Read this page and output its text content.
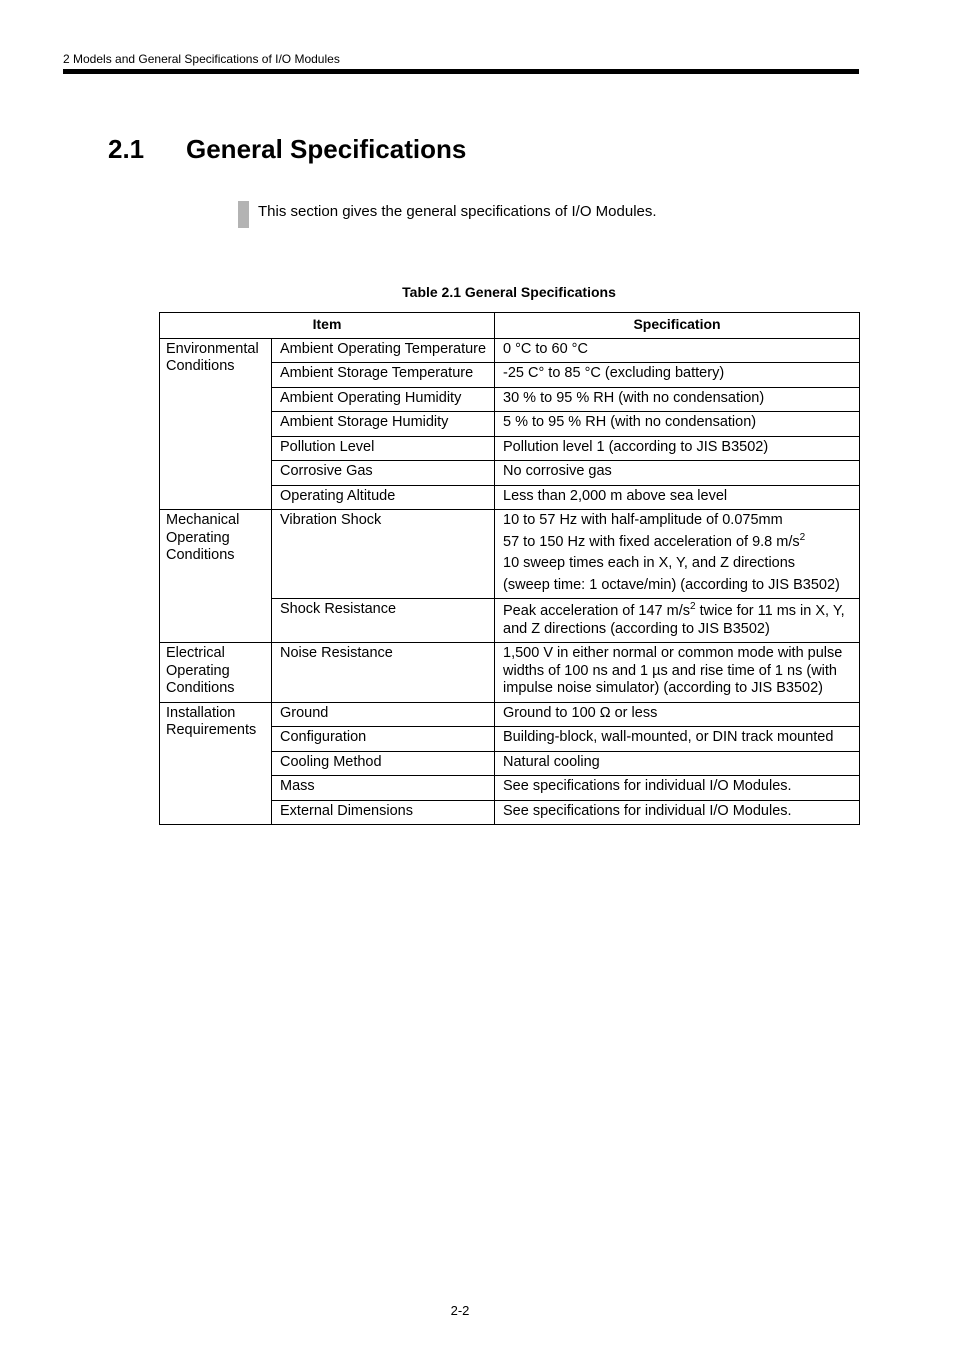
2 Models and General Specifications of I/O Modules
2.1 General Specifications
This section gives the general specifications of I/O Modules.
Table 2.1 General Specifications
Item		Specification
Environmental Conditions	Ambient Operating Temperature	0 °C to 60 °C
	Ambient Storage Temperature	-25 C° to 85 °C (excluding battery)
	Ambient Operating Humidity	30 % to 95 % RH (with no condensation)
	Ambient Storage Humidity	5 % to 95 % RH (with no condensation)
	Pollution Level	Pollution level 1 (according to JIS B3502)
	Corrosive Gas	No corrosive gas
	Operating Altitude	Less than 2,000 m above sea level
Mechanical Operating Conditions	Vibration Shock	10 to 57 Hz with half-amplitude of 0.075mm
57 to 150 Hz with fixed acceleration of 9.8 $m/s^2$
10 sweep times each in X, Y, and Z directions
(sweep time: 1 octave/min) (according to JIS B3502)

	Shock Resistance	Peak acceleration of 147 $m/s^2$ twice for 11 ms in X, Y, and Z directions (according to JIS B3502)
Electrical Operating Conditions	Noise Resistance	1,500 V in either normal or common mode with pulse widths of 100 ns and 1 µs and rise time of 1 ns (with impulse noise simulator) (according to JIS B3502)
Installation Requirements	Ground	Ground to 100 Ω or less
	Configuration	Building-block, wall-mounted, or DIN track mounted
	Cooling Method	Natural cooling
	Mass	See specifications for individual I/O Modules.
	External Dimensions	See specifications for individual I/O Modules.
2-2
